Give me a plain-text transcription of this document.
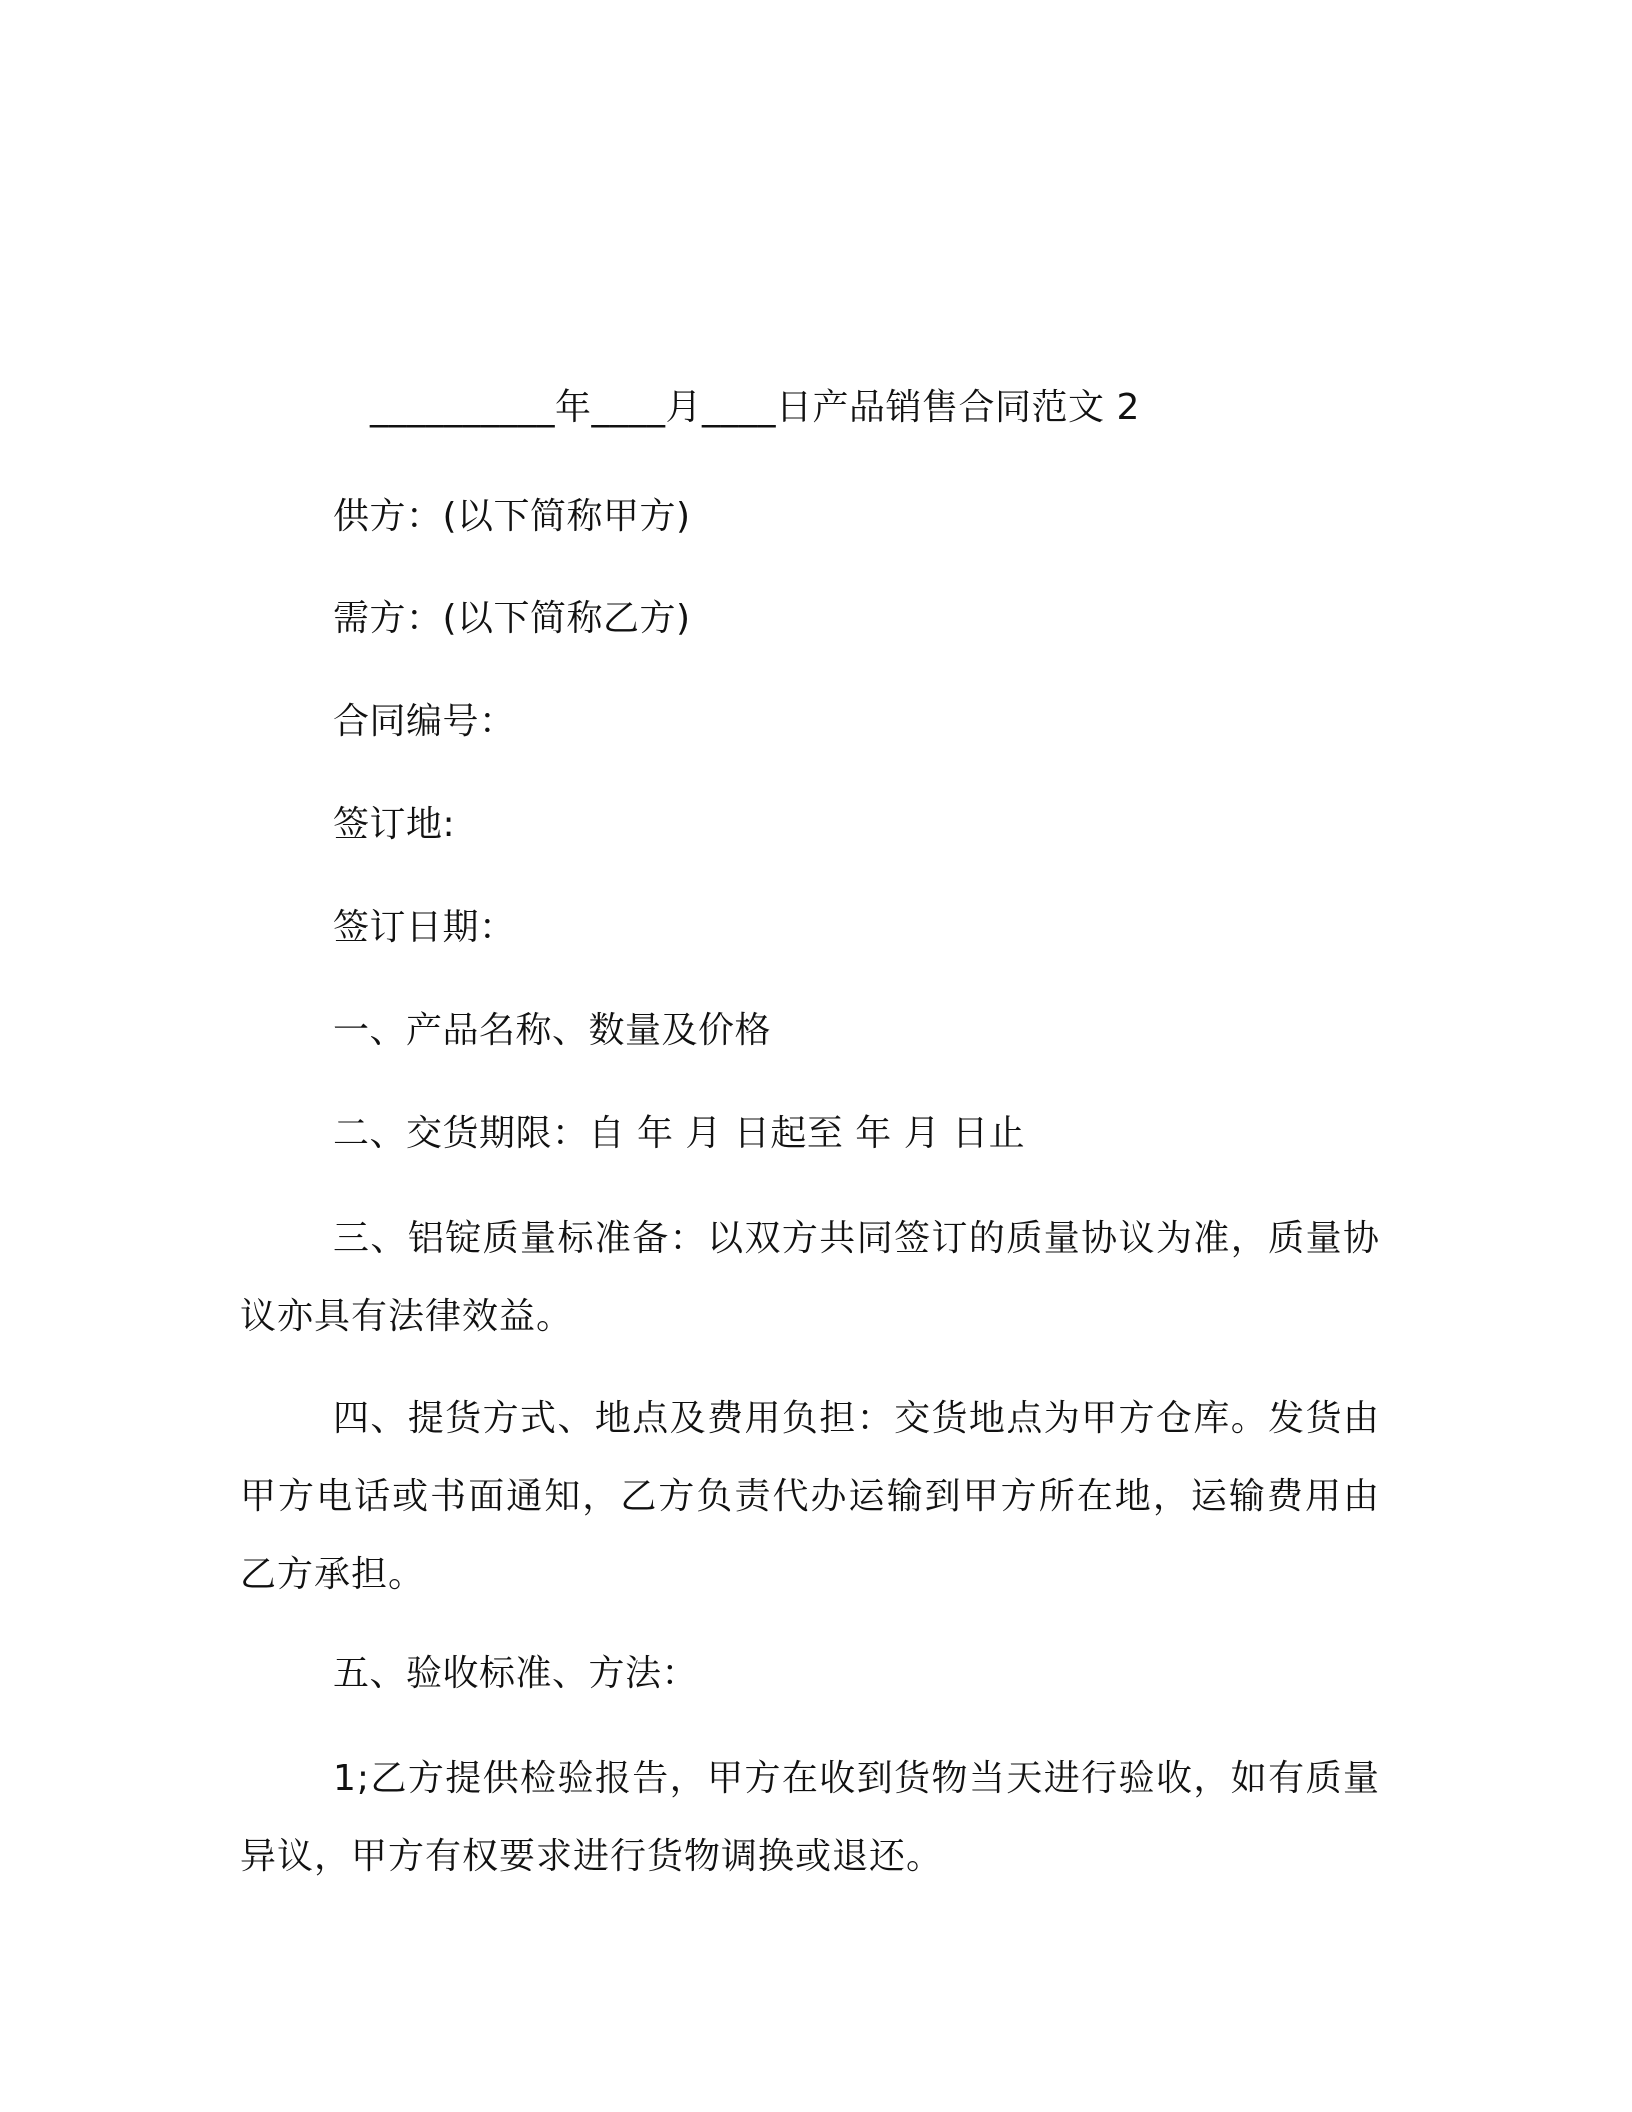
__________年____月____日产品销售合同范文 2
供方：(以下简称甲方)
需方：(以下简称乙方)
合同编号：
签订地:
签订日期：
一、产品名称、数量及价格
二、交货期限：自 年 月 日起至 年 月 日止
三、铝锭质量标准备：以双方共同签订的质量协议为准，质量协议亦具有法律效益。
四、提货方式、地点及费用负担：交货地点为甲方仓库。发货由甲方电话或书面通知，乙方负责代办运输到甲方所在地，运输费用由乙方承担。
五、验收标准、方法：
1;乙方提供检验报告，甲方在收到货物当天进行验收，如有质量异议，甲方有权要求进行货物调换或退还。
